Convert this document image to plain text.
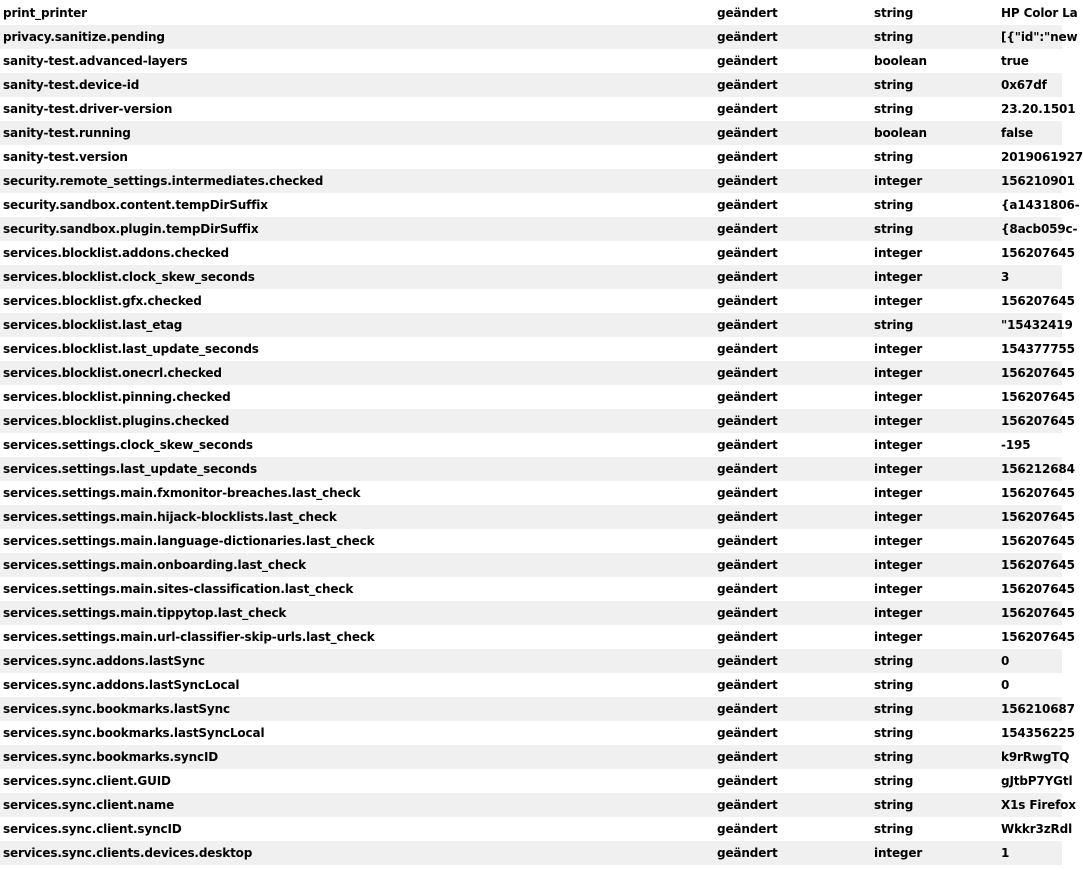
print_printer	geändert	string	HP Color La
privacy.sanitize.pending	geändert	string	[{"id":"new
sanity-test.advanced-layers	geändert	boolean	true
sanity-test.device-id	geändert	string	0x67df
sanity-test.driver-version	geändert	string	23.20.1501
sanity-test.running	geändert	boolean	false
sanity-test.version	geändert	string	2019061927
security.remote_settings.intermediates.checked	geändert	integer	156210901
security.sandbox.content.tempDirSuffix	geändert	string	{a1431806-
security.sandbox.plugin.tempDirSuffix	geändert	string	{8acb059c-
services.blocklist.addons.checked	geändert	integer	156207645
services.blocklist.clock_skew_seconds	geändert	integer	3
services.blocklist.gfx.checked	geändert	integer	156207645
services.blocklist.last_etag	geändert	string	"15432419
services.blocklist.last_update_seconds	geändert	integer	154377755
services.blocklist.onecrl.checked	geändert	integer	156207645
services.blocklist.pinning.checked	geändert	integer	156207645
services.blocklist.plugins.checked	geändert	integer	156207645
services.settings.clock_skew_seconds	geändert	integer	-195
services.settings.last_update_seconds	geändert	integer	156212684
services.settings.main.fxmonitor-breaches.last_check	geändert	integer	156207645
services.settings.main.hijack-blocklists.last_check	geändert	integer	156207645
services.settings.main.language-dictionaries.last_check	geändert	integer	156207645
services.settings.main.onboarding.last_check	geändert	integer	156207645
services.settings.main.sites-classification.last_check	geändert	integer	156207645
services.settings.main.tippytop.last_check	geändert	integer	156207645
services.settings.main.url-classifier-skip-urls.last_check	geändert	integer	156207645
services.sync.addons.lastSync	geändert	string	0
services.sync.addons.lastSyncLocal	geändert	string	0
services.sync.bookmarks.lastSync	geändert	string	156210687
services.sync.bookmarks.lastSyncLocal	geändert	string	154356225
services.sync.bookmarks.syncID	geändert	string	k9rRwgTQ
services.sync.client.GUID	geändert	string	gJtbP7YGtl
services.sync.client.name	geändert	string	X1s Firefox
services.sync.client.syncID	geändert	string	Wkkr3zRdl
services.sync.clients.devices.desktop	geändert	integer	1
